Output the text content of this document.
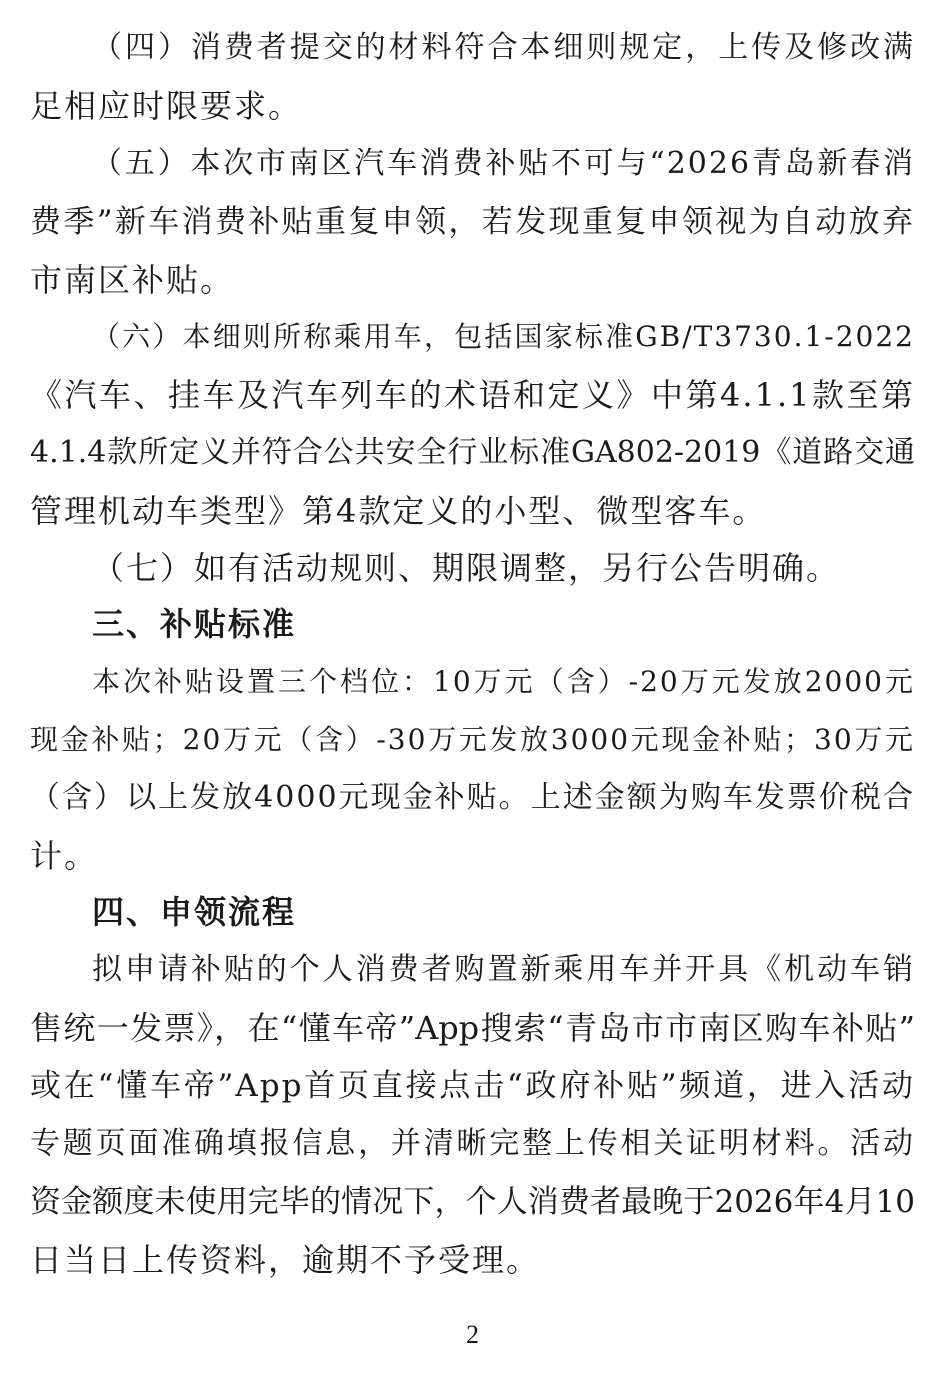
（四）消费者提交的材料符合本细则规定，上传及修改满
足相应时限要求。
（五）本次市南区汽车消费补贴不可与“2026青岛新春消
费季”新车消费补贴重复申领，若发现重复申领视为自动放弃
市南区补贴。
（六）本细则所称乘用车，包括国家标准GB/T3730.1-2022
《汽车、挂车及汽车列车的术语和定义》中第4.1.1款至第
4.1.4款所定义并符合公共安全行业标准GA802-2019《道路交通
管理机动车类型》第4款定义的小型、微型客车。
（七）如有活动规则、期限调整，另行公告明确。
三、补贴标准
本次补贴设置三个档位：10万元（含）-20万元发放2000元
现金补贴；20万元（含）-30万元发放3000元现金补贴；30万元
（含）以上发放4000元现金补贴。上述金额为购车发票价税合
计。
四、申领流程
拟申请补贴的个人消费者购置新乘用车并开具《机动车销
售统一发票》，在“懂车帝”App搜索“青岛市市南区购车补贴”
或在“懂车帝”App首页直接点击“政府补贴”频道，进入活动
专题页面准确填报信息，并清晰完整上传相关证明材料。活动
资金额度未使用完毕的情况下，个人消费者最晚于2026年4月10
日当日上传资料，逾期不予受理。
2
